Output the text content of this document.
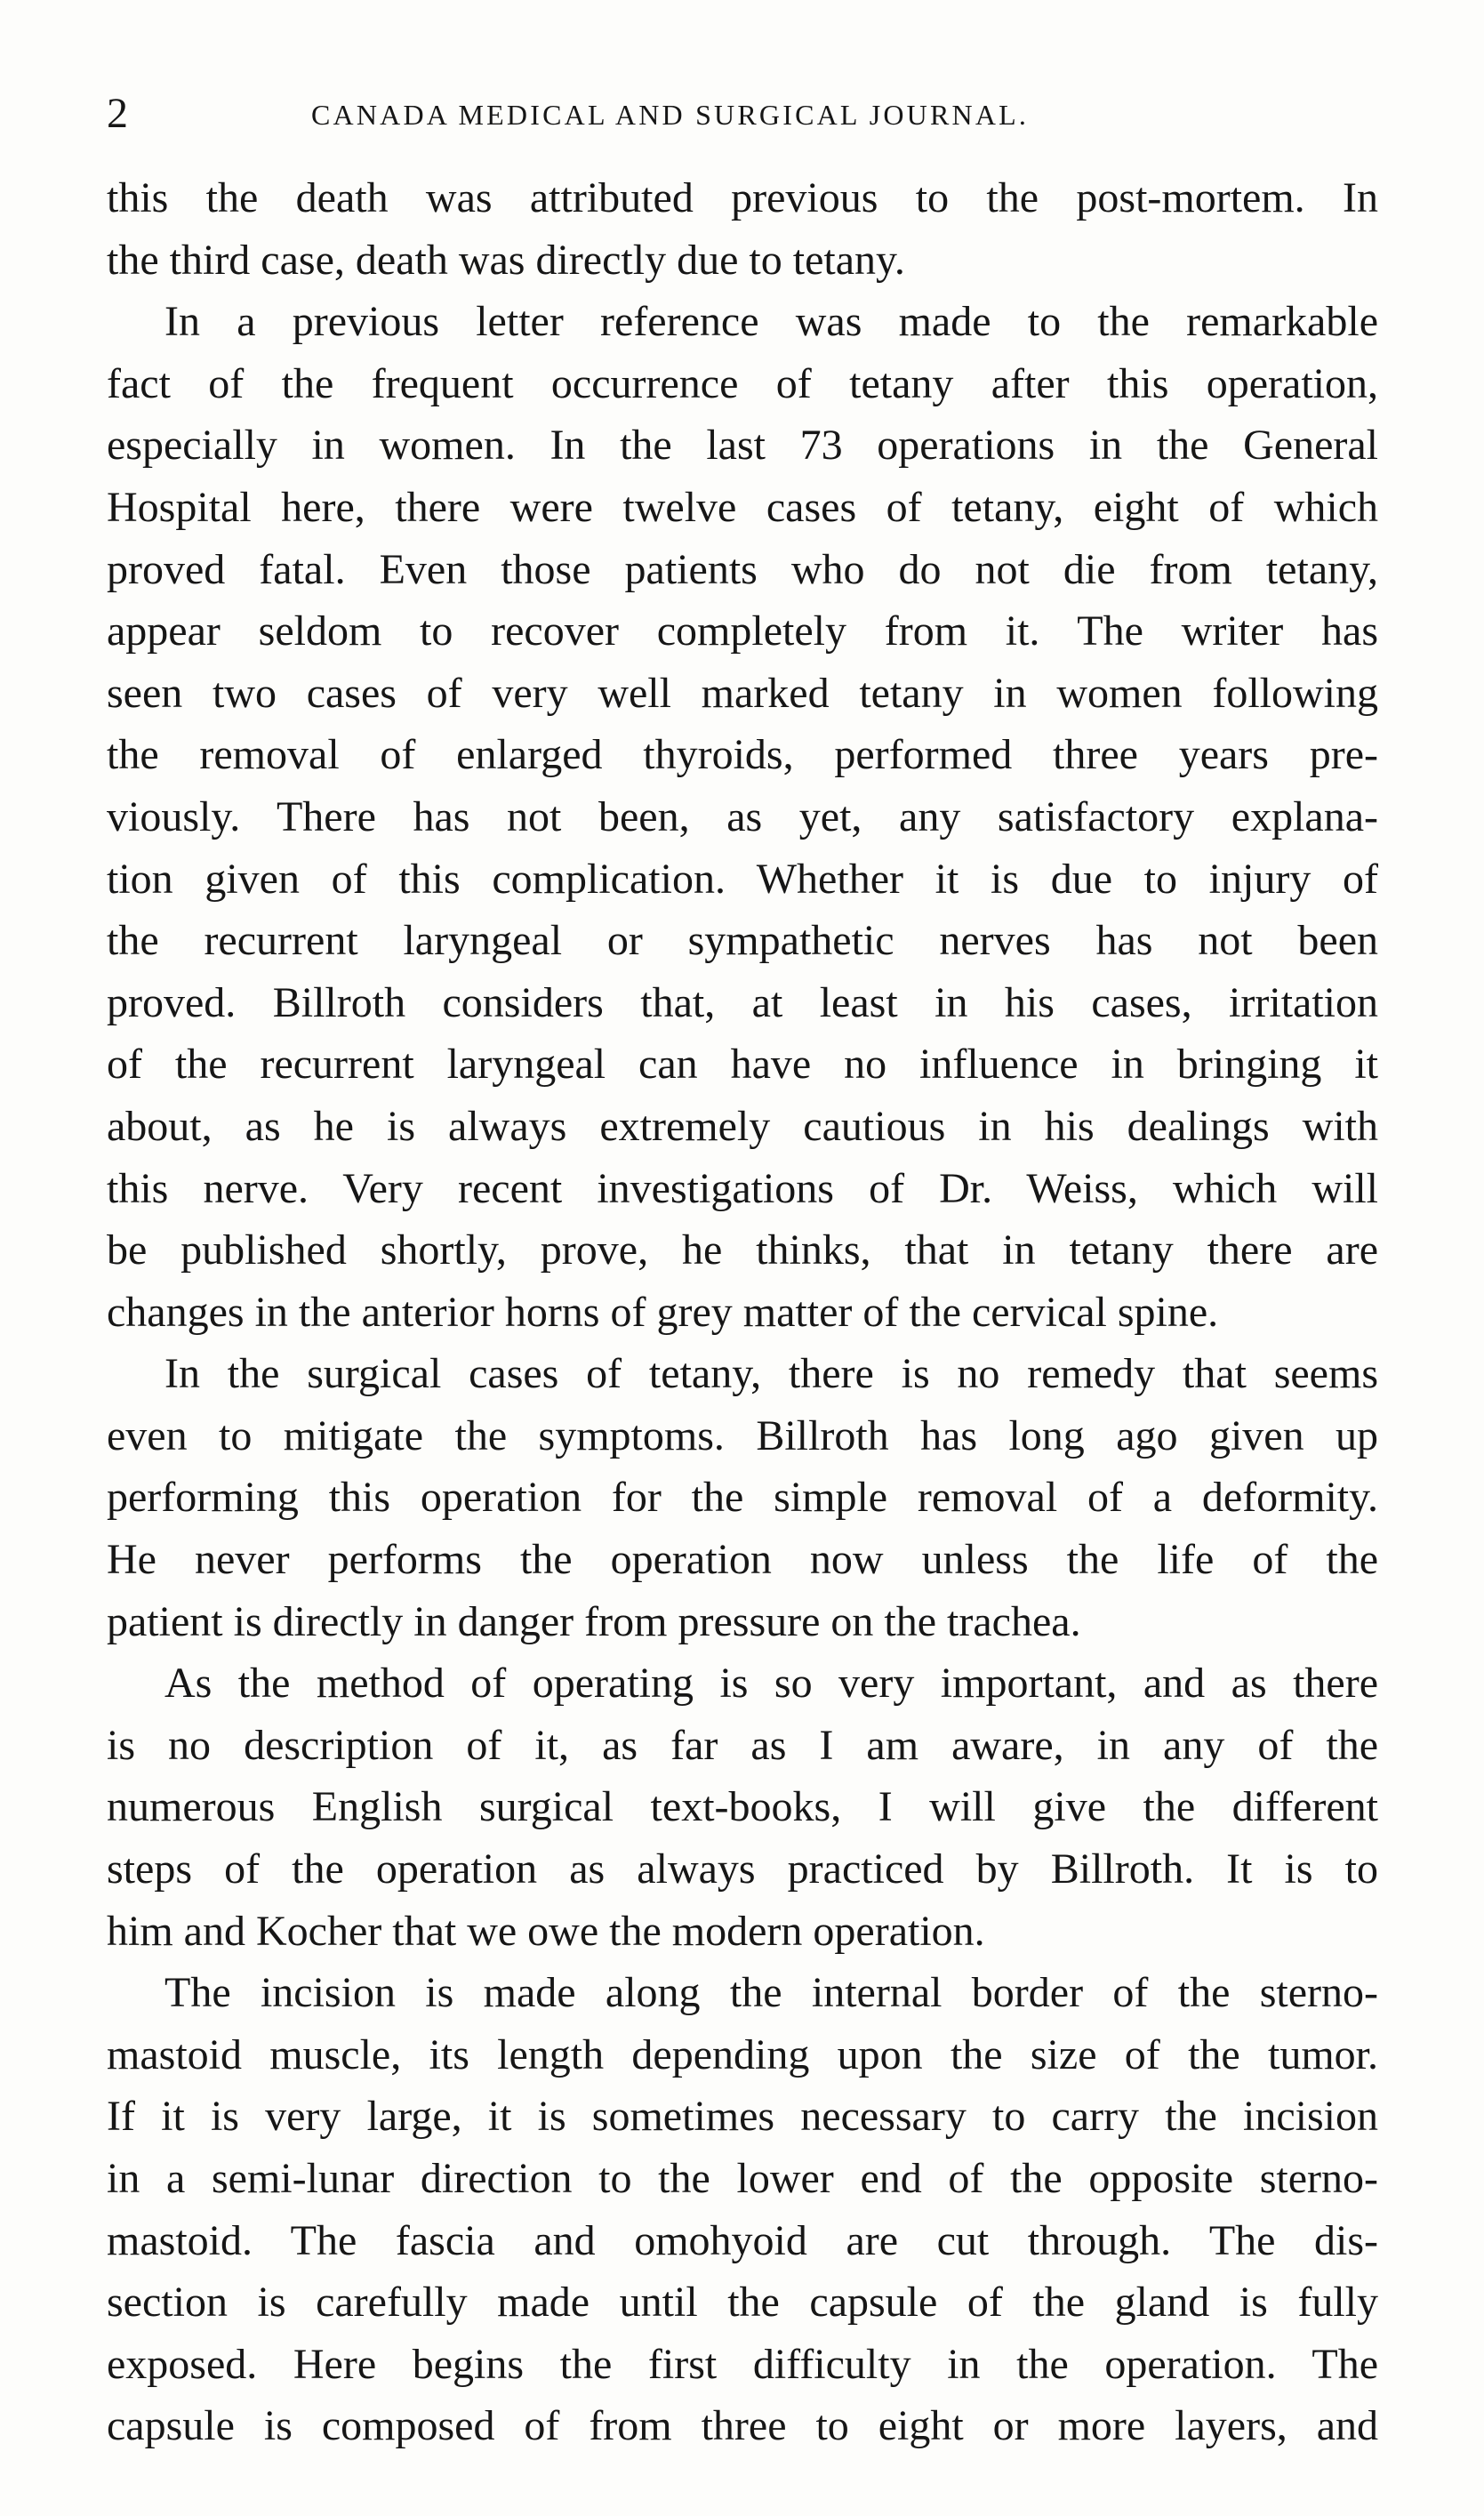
2	CANADA MEDICAL AND SURGICAL JOURNAL.
this the death was attributed previous to the post-mortem. In
the third case, death was directly due to tetany.
In a previous letter reference was made to the remarkable
fact of the frequent occurrence of tetany after this operation,
especially in women. In the last 73 operations in the General
Hospital here, there were twelve cases of tetany, eight of which
proved fatal. Even those patients who do not die from tetany,
appear seldom to recover completely from it. The writer has
seen two cases of very well marked tetany in women following
the removal of enlarged thyroids, performed three years pre-
viously. There has not been, as yet, any satisfactory explana-
tion given of this complication. Whether it is due to injury of
the recurrent laryngeal or sympathetic nerves has not been
proved. Billroth considers that, at least in his cases, irritation
of the recurrent laryngeal can have no influence in bringing it
about, as he is always extremely cautious in his dealings with
this nerve. Very recent investigations of Dr. Weiss, which will
be published shortly, prove, he thinks, that in tetany there are
changes in the anterior horns of grey matter of the cervical spine.
In the surgical cases of tetany, there is no remedy that seems
even to mitigate the symptoms. Billroth has long ago given up
performing this operation for the simple removal of a deformity.
He never performs the operation now unless the life of the
patient is directly in danger from pressure on the trachea.
As the method of operating is so very important, and as there
is no description of it, as far as I am aware, in any of the
numerous English surgical text-books, I will give the different
steps of the operation as always practiced by Billroth. It is to
him and Kocher that we owe the modern operation.
The incision is made along the internal border of the sterno-
mastoid muscle, its length depending upon the size of the tumor.
If it is very large, it is sometimes necessary to carry the incision
in a semi-lunar direction to the lower end of the opposite sterno-
mastoid. The fascia and omohyoid are cut through. The dis-
section is carefully made until the capsule of the gland is fully
exposed. Here begins the first difficulty in the operation. The
capsule is composed of from three to eight or more layers, and
